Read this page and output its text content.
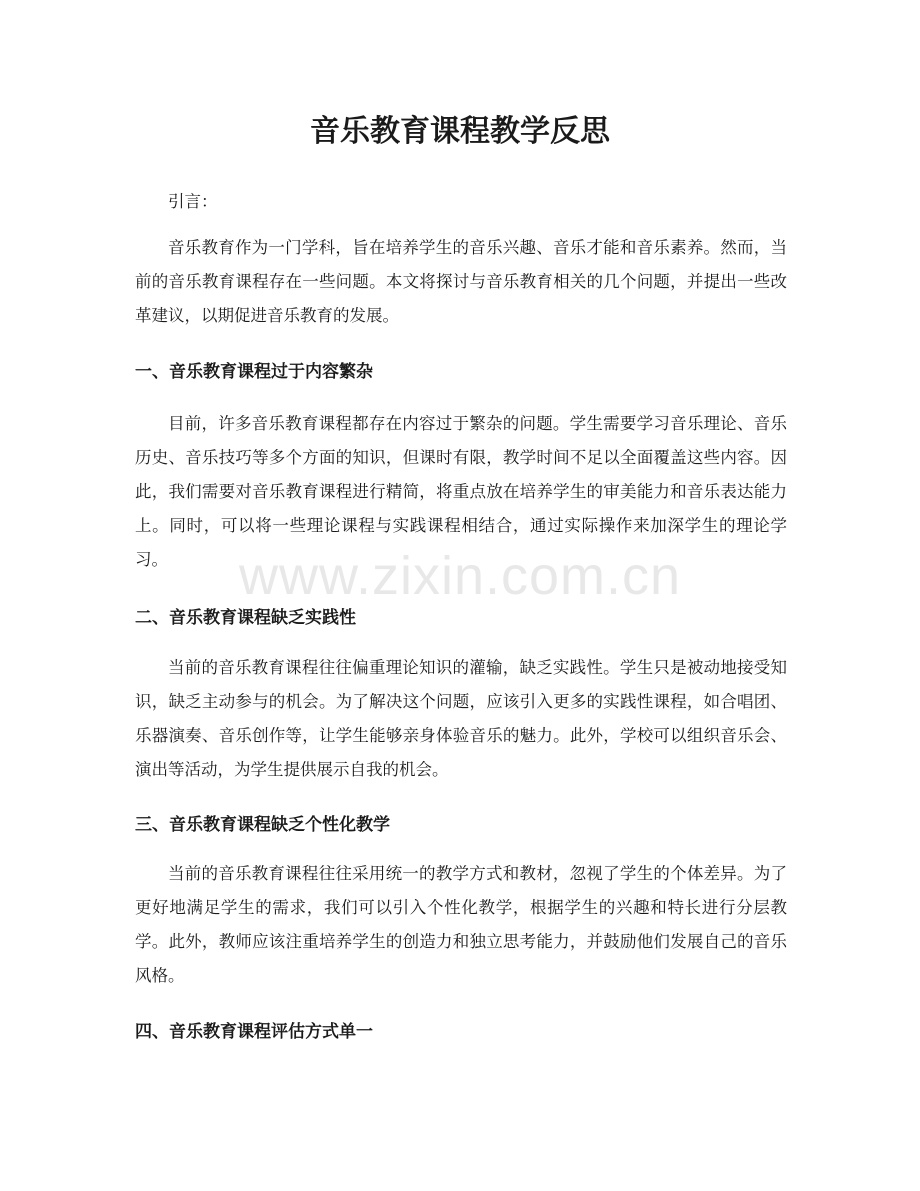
音乐教育课程教学反思

引言：

音乐教育作为一门学科，旨在培养学生的音乐兴趣、音乐才能和音乐素养。然而，当前的音乐教育课程存在一些问题。本文将探讨与音乐教育相关的几个问题，并提出一些改革建议，以期促进音乐教育的发展。

一、音乐教育课程过于内容繁杂

目前，许多音乐教育课程都存在内容过于繁杂的问题。学生需要学习音乐理论、音乐历史、音乐技巧等多个方面的知识，但课时有限，教学时间不足以全面覆盖这些内容。因此，我们需要对音乐教育课程进行精简，将重点放在培养学生的审美能力和音乐表达能力上。同时，可以将一些理论课程与实践课程相结合，通过实际操作来加深学生的理论学习。

二、音乐教育课程缺乏实践性

当前的音乐教育课程往往偏重理论知识的灌输，缺乏实践性。学生只是被动地接受知识，缺乏主动参与的机会。为了解决这个问题，应该引入更多的实践性课程，如合唱团、乐器演奏、音乐创作等，让学生能够亲身体验音乐的魅力。此外，学校可以组织音乐会、演出等活动，为学生提供展示自我的机会。

三、音乐教育课程缺乏个性化教学

当前的音乐教育课程往往采用统一的教学方式和教材，忽视了学生的个体差异。为了更好地满足学生的需求，我们可以引入个性化教学，根据学生的兴趣和特长进行分层教学。此外，教师应该注重培养学生的创造力和独立思考能力，并鼓励他们发展自己的音乐风格。

四、音乐教育课程评估方式单一

www.zixin.com.cn
